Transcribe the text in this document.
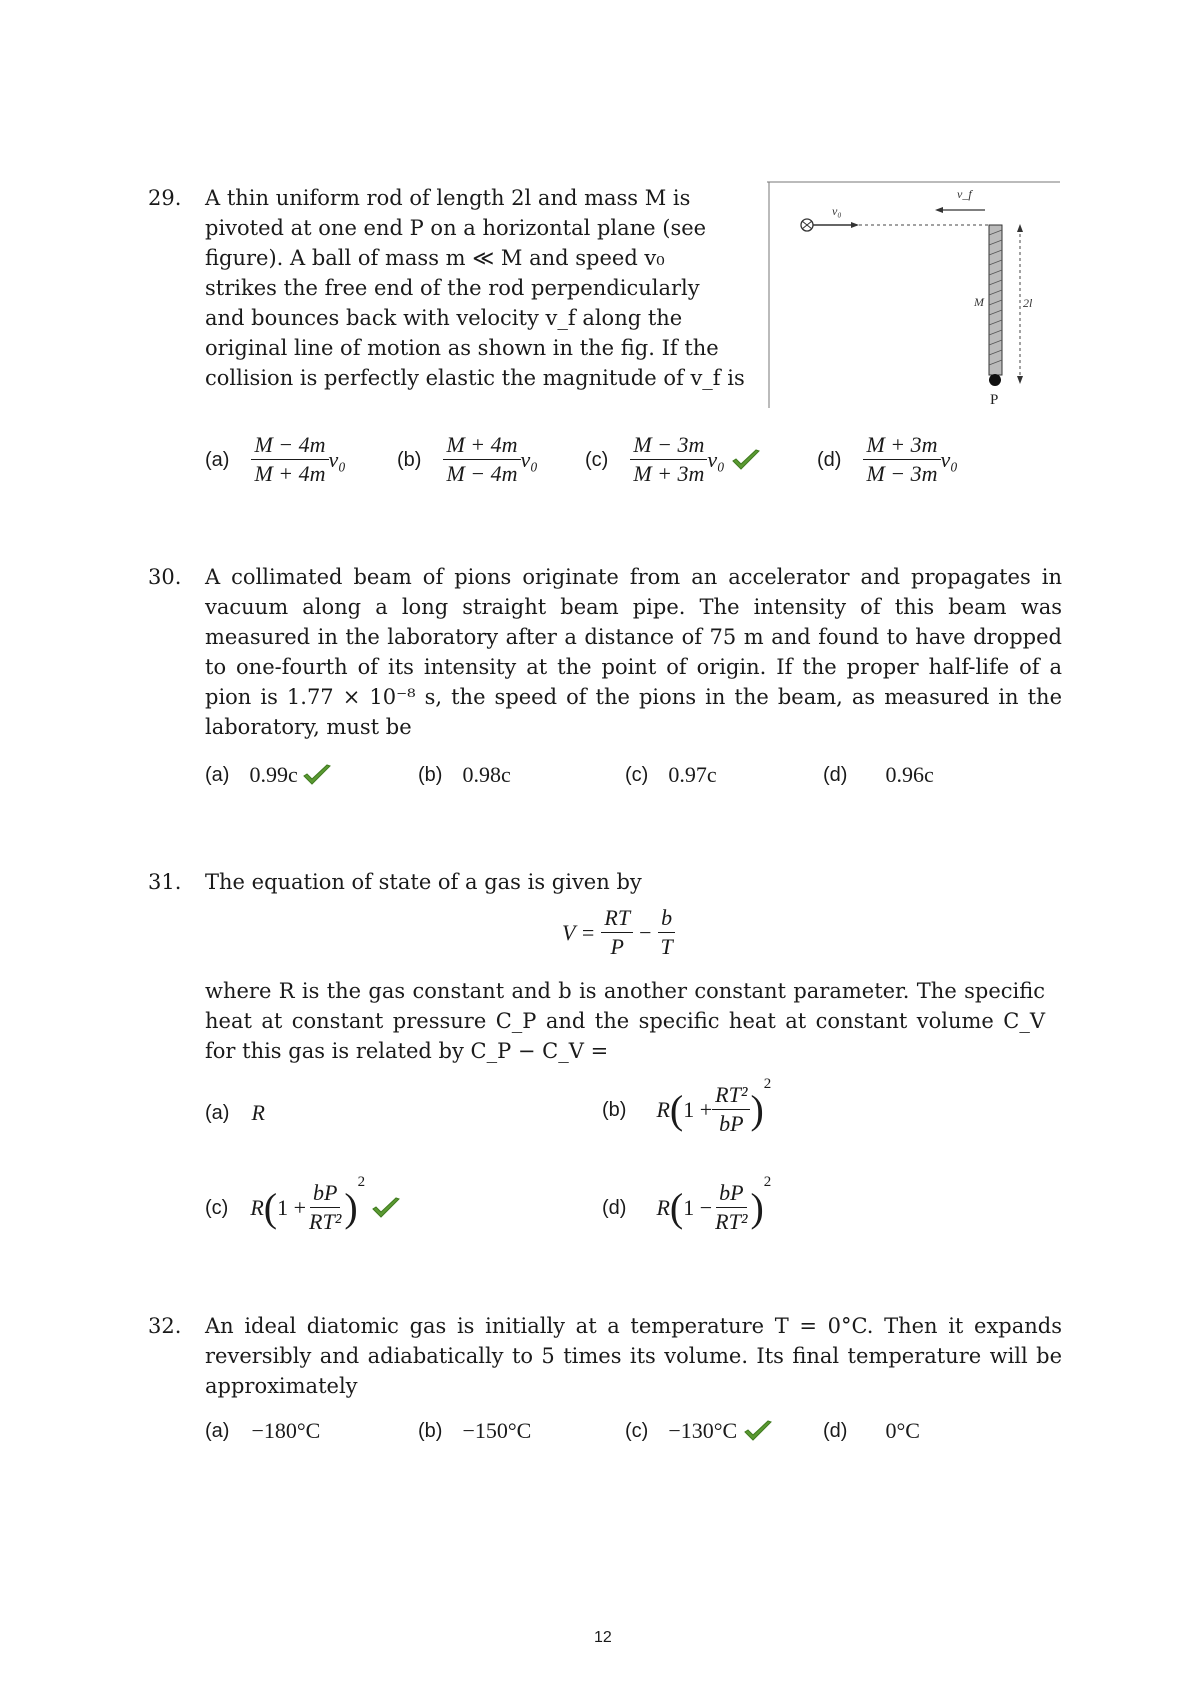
29. A thin uniform rod of length 2l and mass M is
pivoted at one end P on a horizontal plane (see
figure). A ball of mass m ≪ M and speed v₀
strikes the free end of the rod perpendicularly
and bounces back with velocity v_f along the
original line of motion as shown in the fig. If the
collision is perfectly elastic the magnitude of v_f is
v₀
v_f
P
M	2l
$(a) \frac{M - 4m}{M + 4m} v_0$	$(b) \frac{M + 4m}{M - 4m} v_0$ $(c) \frac{M - 3m}{M + 3m} v_0$	$(d) \frac{M + 3m}{M - 3m} v_0$
30. A collimated beam of pions originate from an accelerator and propagates in vacuum along a long straight beam pipe. The intensity of this beam was measured in the laboratory after a distance of 75 m and found to have dropped to one-fourth of its intensity at the point of origin. If the proper half-life of a pion is 1.77 × 10⁻⁸ s, the speed of the pions in the beam, as measured in the laboratory, must be
(a) 0.99c	(b) 0.98c	(c) 0.97c	(d) 0.96c
31. The equation of state of a gas is given by
$V = \frac{RT}{P} - \frac{b}{T}$
where R is the gas constant and b is another constant parameter. The specific heat at constant pressure C_P and the specific heat at constant volume C_V for this gas is related by C_P − C_V =
(a) R	(b) R ( $1 + \frac{\text{RT²}}{bP}$ )
2
(c) R ( $1 + \frac{bP}{\text{RT²}}$ )
2
(d) R ( $1 - \frac{bP}{\text{RT²}}$ )
2
32. An ideal diatomic gas is initially at a temperature T = 0°C. Then it expands reversibly and adiabatically to 5 times its volume. Its final temperature will be approximately
(a) −180°C	(b) −150°C	(c) −130°C	(d) 0°C
12
